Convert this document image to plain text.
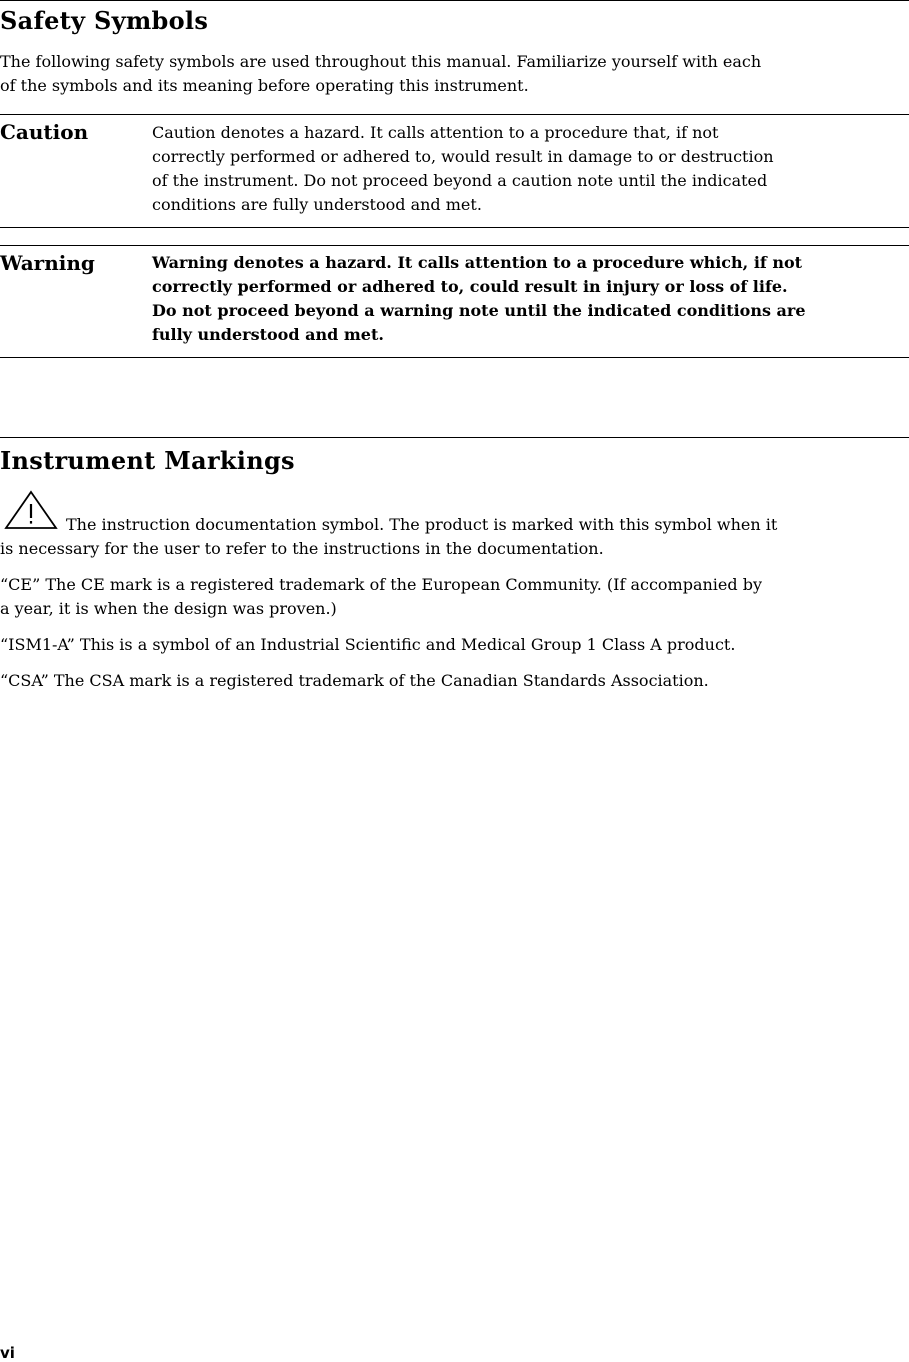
Safety Symbols

The following safety symbols are used throughout this manual. Familiarize yourself with each

of the symbols and its meaning before operating this instrument.

Caution	Caution denotes a hazard. It calls attention to a procedure that, if not
correctly performed or adhered to, would result in damage to or destruction
of the instrument. Do not proceed beyond a caution note until the indicated
conditions are fully understood and met.

Warning	Warning denotes a hazard. It calls attention to a procedure which, if not
correctly performed or adhered to, could result in injury or loss of life.
Do not proceed beyond a warning note until the indicated conditions are
fully understood and met.
Instrument Markings

The instruction documentation symbol. The product is marked with this symbol when it

is necessary for the user to refer to the instructions in the documentation.

“CE” The CE mark is a registered trademark of the European Community. (If accompanied by

a year, it is when the design was proven.)

“ISM1-A” This is a symbol of an Industrial Scientific and Medical Group 1 Class A product.

“CSA” The CSA mark is a registered trademark of the Canadian Standards Association.

vi
